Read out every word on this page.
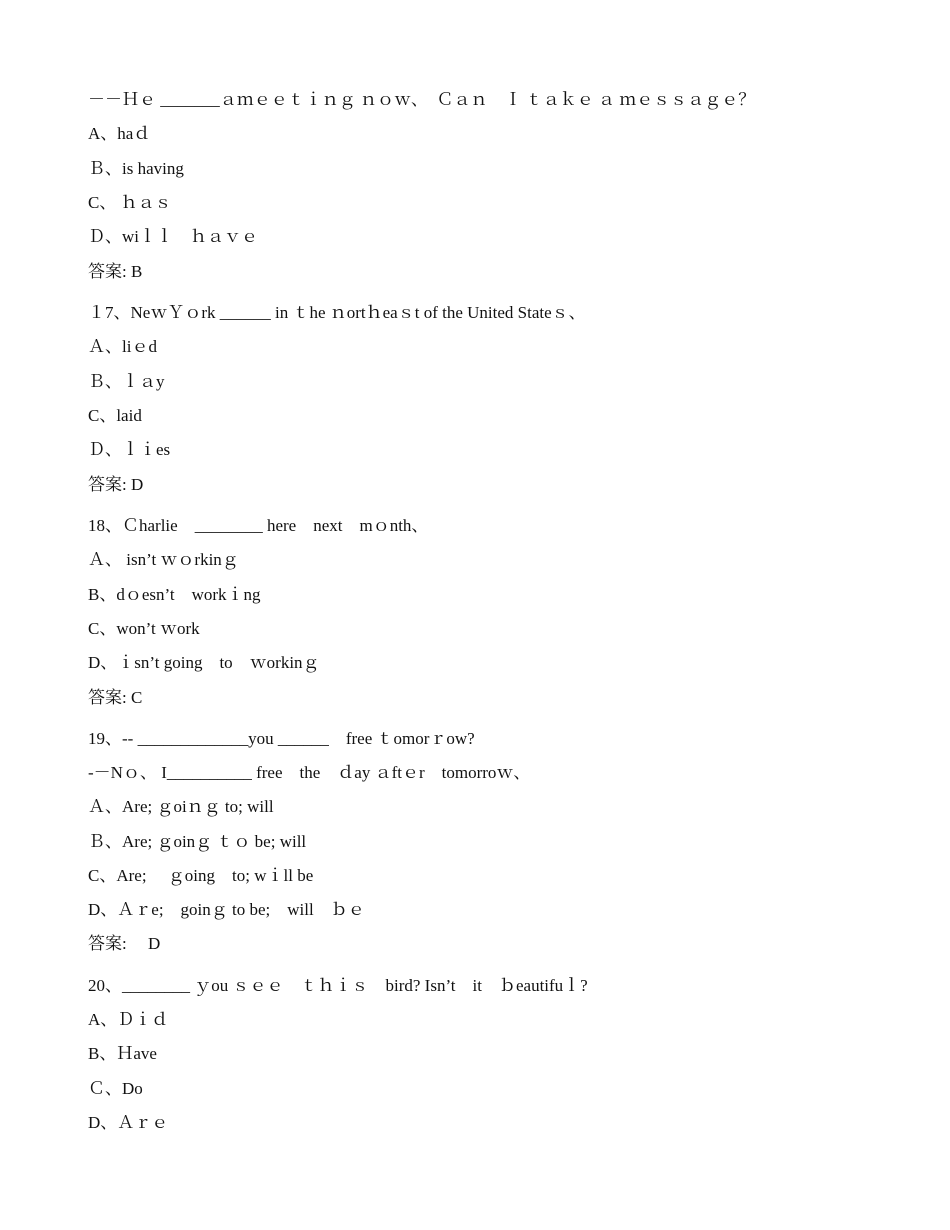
－－Ｈｅ _______ａｍｅｅｔｉｎｇ ｎｏｗ、　Ｃａｎ　Ｉ ｔａｋｅ ａ ｍｅｓｓａｇｅ？
A、haｄ
Ｂ、is having
C、 ｈａｓ
Ｄ、wiｌｌ　ｈａｖｅ
答案: B
１7、NeｗＹｏrk ______ in ｔhe ｎortｈeaｓt of the United Stateｓ、
Ａ、liｅd
Ｂ、ｌａy
C、laid
Ｄ、ｌｉes
答案: D
18、Ｃharlie　________ here　next　mｏnth、
Ａ、 isn’t ｗｏrkinｇ
B、dｏesn’t　workｉng
C、won’t ｗork
D、ｉsn’t going　to　ｗorkinｇ
答案: C
19、-- _____________you ______　free ｔomorｒow?
-－Nｏ、 I__________ free　the　ｄay ａftｅr　tomorroｗ、
Ａ、Are; ｇoiｎｇ to; will
Ｂ、Are; ｇoinｇ ｔｏ be; will
C、Are;　 ｇoing　to; wｉll be
D、Ａｒe;　goinｇ to be;　will　ｂｅ
答案:　 D
20、________ ｙou ｓｅｅ　ｔｈｉｓ　bird? Isn’t　it　ｂeautifuｌ?
A、Ｄｉｄ
B、Ｈave
Ｃ、Do
D、Ａｒｅ
